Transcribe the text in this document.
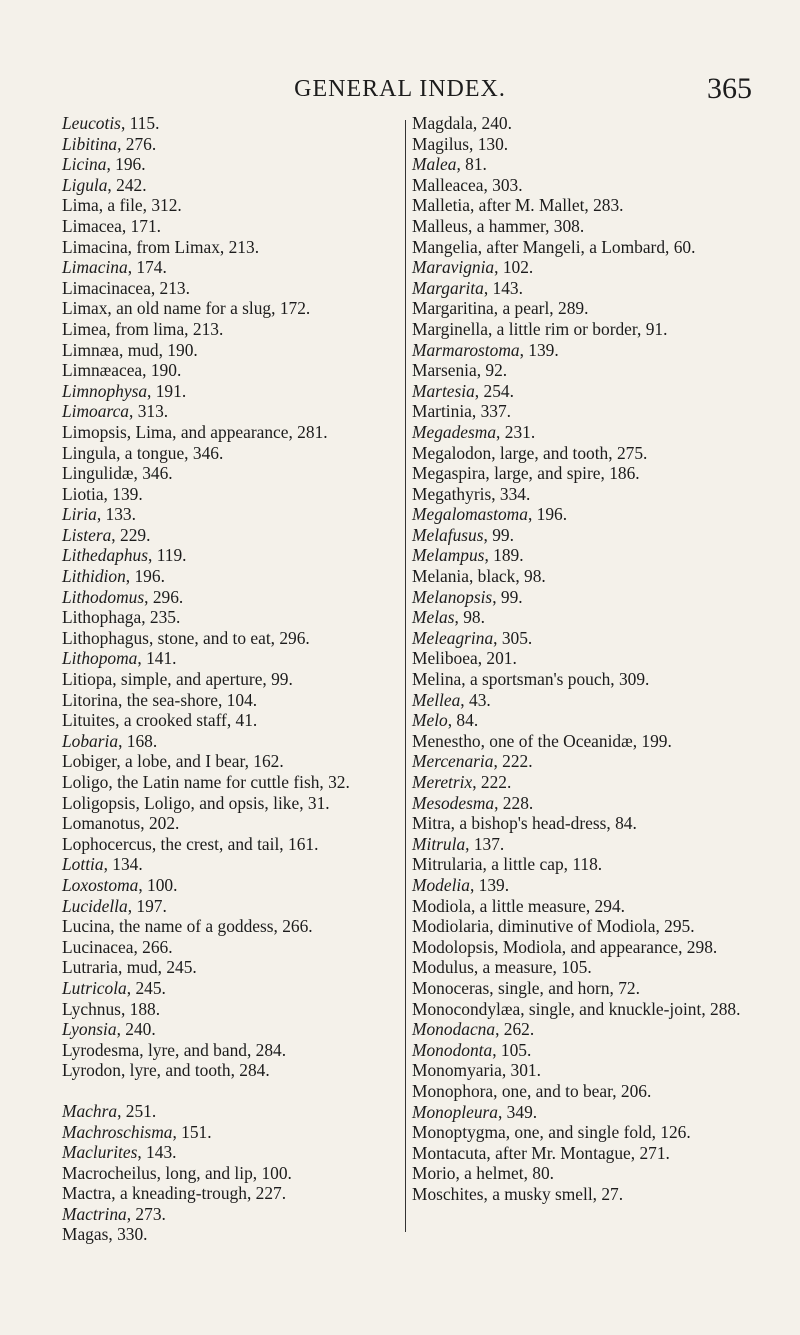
GENERAL INDEX.	365
Leucotis, 115.
Libitina, 276.
Licina, 196.
Ligula, 242.
Lima, a file, 312.
Limacea, 171.
Limacina, from Limax, 213.
Limacina, 174.
Limacinacea, 213.
Limax, an old name for a slug, 172.
Limea, from lima, 213.
Limnæa, mud, 190.
Limnæacea, 190.
Limnophysa, 191.
Limoarca, 313.
Limopsis, Lima, and appearance, 281.
Lingula, a tongue, 346.
Lingulidæ, 346.
Liotia, 139.
Liria, 133.
Listera, 229.
Lithedaphus, 119.
Lithidion, 196.
Lithodomus, 296.
Lithophaga, 235.
Lithophagus, stone, and to eat, 296.
Lithopoma, 141.
Litiopa, simple, and aperture, 99.
Litorina, the sea-shore, 104.
Lituites, a crooked staff, 41.
Lobaria, 168.
Lobiger, a lobe, and I bear, 162.
Loligo, the Latin name for cuttle fish, 32.
Loligopsis, Loligo, and opsis, like, 31.
Lomanotus, 202.
Lophocercus, the crest, and tail, 161.
Lottia, 134.
Loxostoma, 100.
Lucidella, 197.
Lucina, the name of a goddess, 266.
Lucinacea, 266.
Lutraria, mud, 245.
Lutricola, 245.
Lychnus, 188.
Lyonsia, 240.
Lyrodesma, lyre, and band, 284.
Lyrodon, lyre, and tooth, 284.
Machra, 251.
Machroschisma, 151.
Maclurites, 143.
Macrocheilus, long, and lip, 100.
Mactra, a kneading-trough, 227.
Mactrina, 273.
Magas, 330.
Magdala, 240.
Magilus, 130.
Malea, 81.
Malleacea, 303.
Malletia, after M. Mallet, 283.
Malleus, a hammer, 308.
Mangelia, after Mangeli, a Lombard, 60.
Maravignia, 102.
Margarita, 143.
Margaritina, a pearl, 289.
Marginella, a little rim or border, 91.
Marmarostoma, 139.
Marsenia, 92.
Martesia, 254.
Martinia, 337.
Megadesma, 231.
Megalodon, large, and tooth, 275.
Megaspira, large, and spire, 186.
Megathyris, 334.
Megalomastoma, 196.
Melafusus, 99.
Melampus, 189.
Melania, black, 98.
Melanopsis, 99.
Melas, 98.
Meleagrina, 305.
Meliboea, 201.
Melina, a sportsman's pouch, 309.
Mellea, 43.
Melo, 84.
Menestho, one of the Oceanidæ, 199.
Mercenaria, 222.
Meretrix, 222.
Mesodesma, 228.
Mitra, a bishop's head-dress, 84.
Mitrula, 137.
Mitrularia, a little cap, 118.
Modelia, 139.
Modiola, a little measure, 294.
Modiolaria, diminutive of Modiola, 295.
Modolopsis, Modiola, and appearance, 298.
Modulus, a measure, 105.
Monoceras, single, and horn, 72.
Monocondylæa, single, and knuckle-joint, 288.
Monodacna, 262.
Monodonta, 105.
Monomyaria, 301.
Monophora, one, and to bear, 206.
Monopleura, 349.
Monoptygma, one, and single fold, 126.
Montacuta, after Mr. Montague, 271.
Morio, a helmet, 80.
Moschites, a musky smell, 27.
